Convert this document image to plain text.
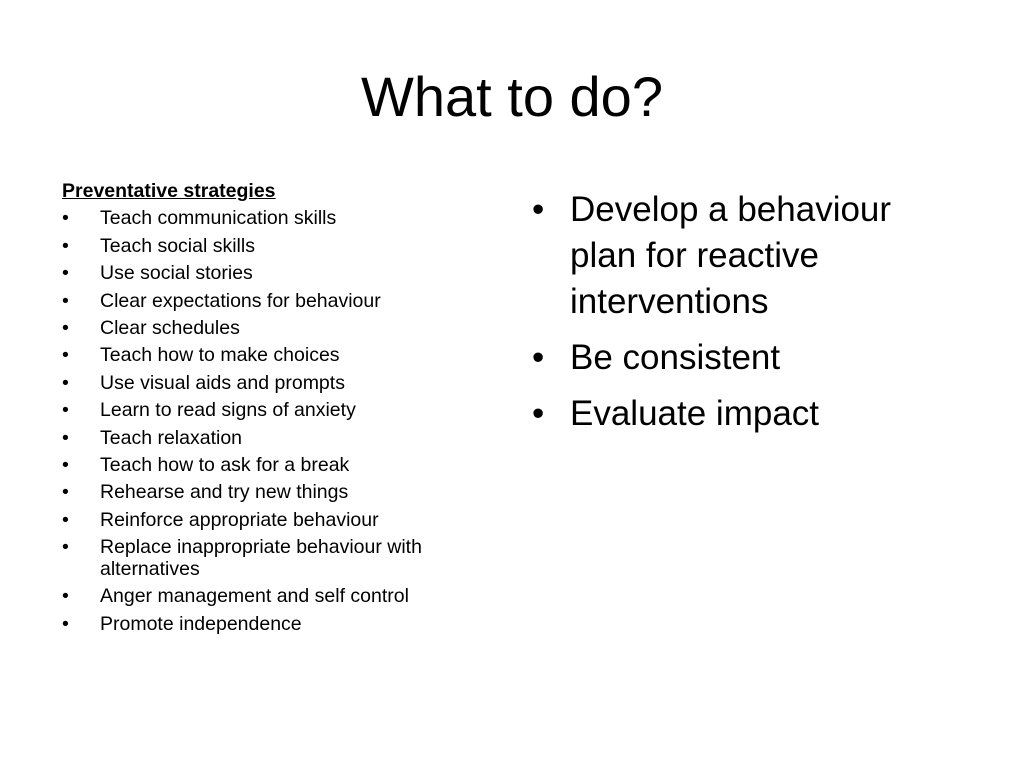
What to do?
Preventative strategies
• Teach communication skills
• Teach social skills
• Use social stories
• Clear expectations for behaviour
• Clear schedules
• Teach how to make choices
• Use visual aids and prompts
• Learn to read signs of anxiety
• Teach relaxation
• Teach how to ask for a break
• Rehearse and try new things
• Reinforce appropriate behaviour
• Replace inappropriate behaviour with alternatives
• Anger management and self control
• Promote independence
• Develop a behaviour plan for reactive interventions
• Be consistent
• Evaluate impact
